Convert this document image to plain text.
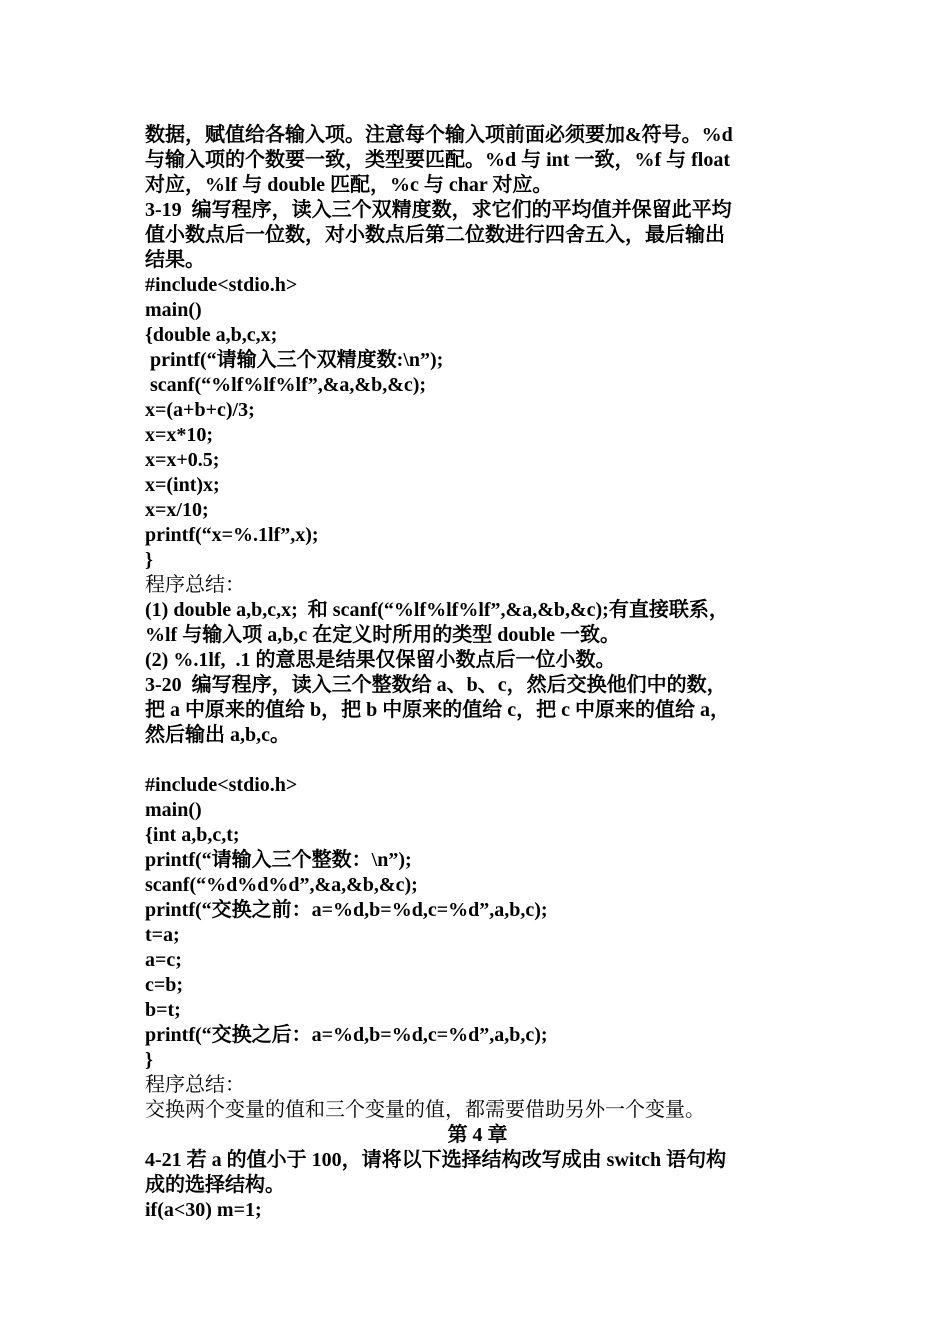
数据，赋值给各输入项。注意每个输入项前面必须要加&符号。%d
与输入项的个数要一致，类型要匹配。%d 与 int 一致，%f 与 float
对应，%lf 与 double 匹配，%c 与 char 对应。
3-19  编写程序，读入三个双精度数，求它们的平均值并保留此平均
值小数点后一位数，对小数点后第二位数进行四舍五入，最后输出
结果。
#include<stdio.h>
main()
{double a,b,c,x;
printf(“请输入三个双精度数:\n”);
scanf(“%lf%lf%lf”,&a,&b,&c);
x=(a+b+c)/3;
x=x*10;
x=x+0.5;
x=(int)x;
x=x/10;
printf(“x=%.1lf”,x);
}
程序总结：
(1) double a,b,c,x;  和 scanf(“%lf%lf%lf”,&a,&b,&c);有直接联系，
%lf 与输入项 a,b,c 在定义时所用的类型 double 一致。
(2) %.1lf,  .1 的意思是结果仅保留小数点后一位小数。
3-20  编写程序，读入三个整数给 a、b、c，然后交换他们中的数，
把 a 中原来的值给 b，把 b 中原来的值给 c，把 c 中原来的值给 a，
然后输出 a,b,c。
#include<stdio.h>
main()
{int a,b,c,t;
printf(“请输入三个整数：\n”);
scanf(“%d%d%d”,&a,&b,&c);
printf(“交换之前：a=%d,b=%d,c=%d”,a,b,c);
t=a;
a=c;
c=b;
b=t;
printf(“交换之后：a=%d,b=%d,c=%d”,a,b,c);
}
程序总结：
交换两个变量的值和三个变量的值，都需要借助另外一个变量。
第 4 章
4-21 若 a 的值小于 100，请将以下选择结构改写成由 switch 语句构
成的选择结构。
if(a<30) m=1;
